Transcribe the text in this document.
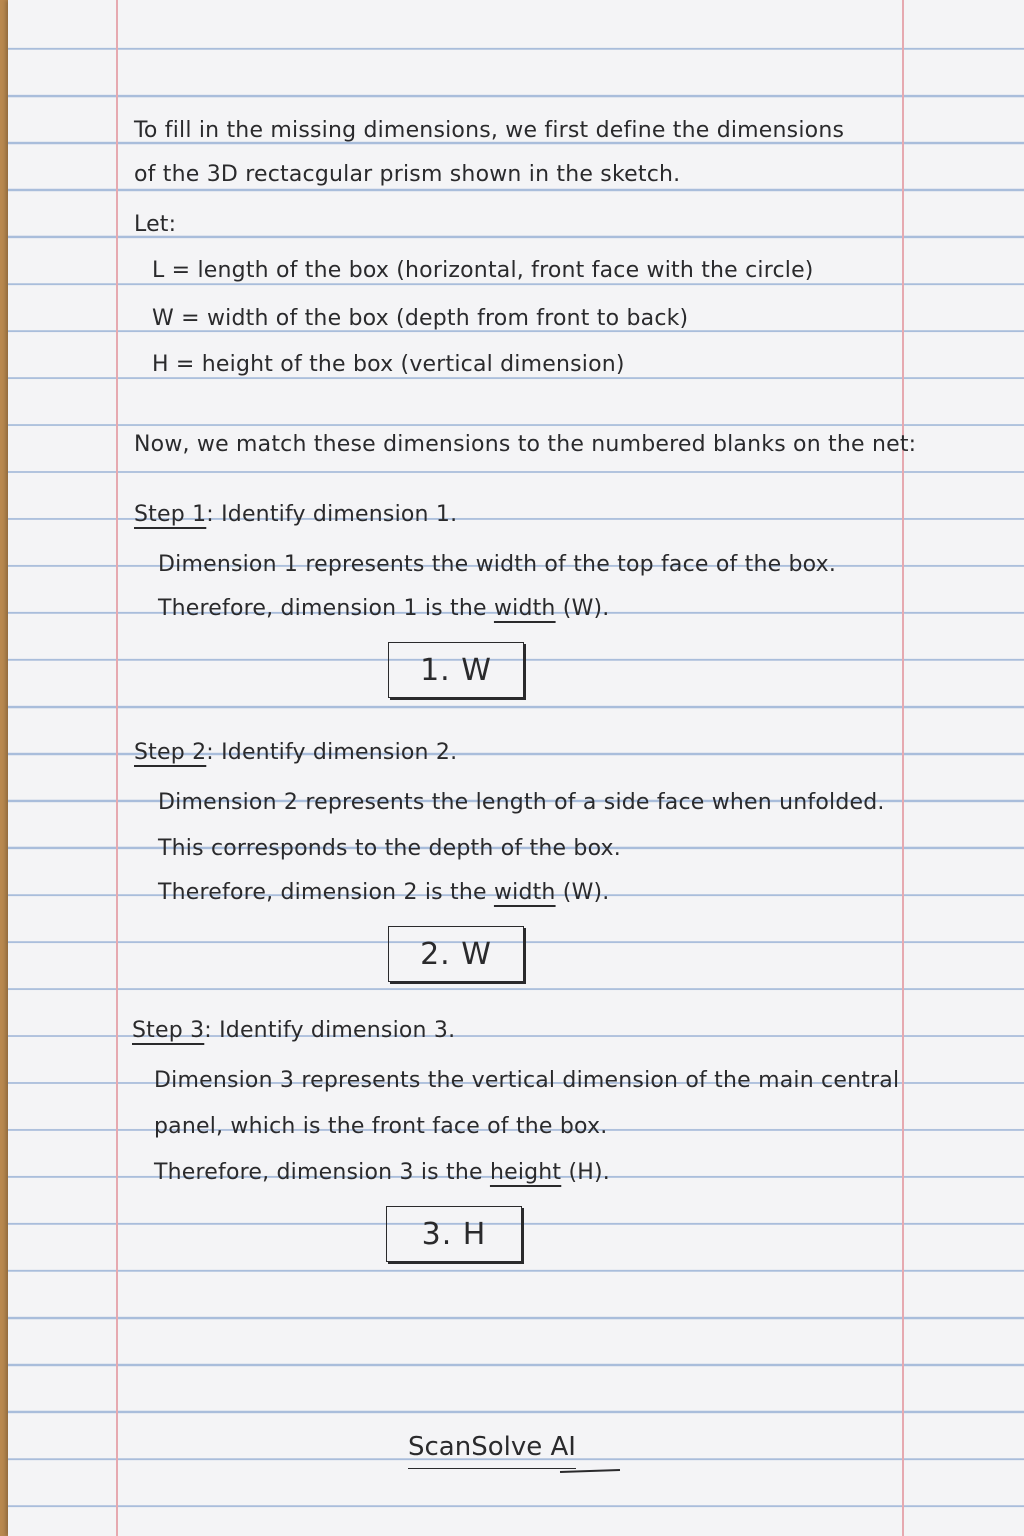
To fill in the missing dimensions, we first define the dimensions
of the 3D rectacgular prism shown in the sketch.
Let:
L = length of the box (horizontal, front face with the circle)
W = width of the box (depth from front to back)
H = height of the box (vertical dimension)
Now, we match these dimensions to the numbered blanks on the net:
Step 1: Identify dimension 1.
Dimension 1 represents the width of the top face of the box.
Therefore, dimension 1 is the width (W).
1. W
Step 2: Identify dimension 2.
Dimension 2 represents the length of a side face when unfolded.
This corresponds to the depth of the box.
Therefore, dimension 2 is the width (W).
2. W
Step 3: Identify dimension 3.
Dimension 3 represents the vertical dimension of the main central
panel, which is the front face of the box.
Therefore, dimension 3 is the height (H).
3. H
ScanSolve AI
